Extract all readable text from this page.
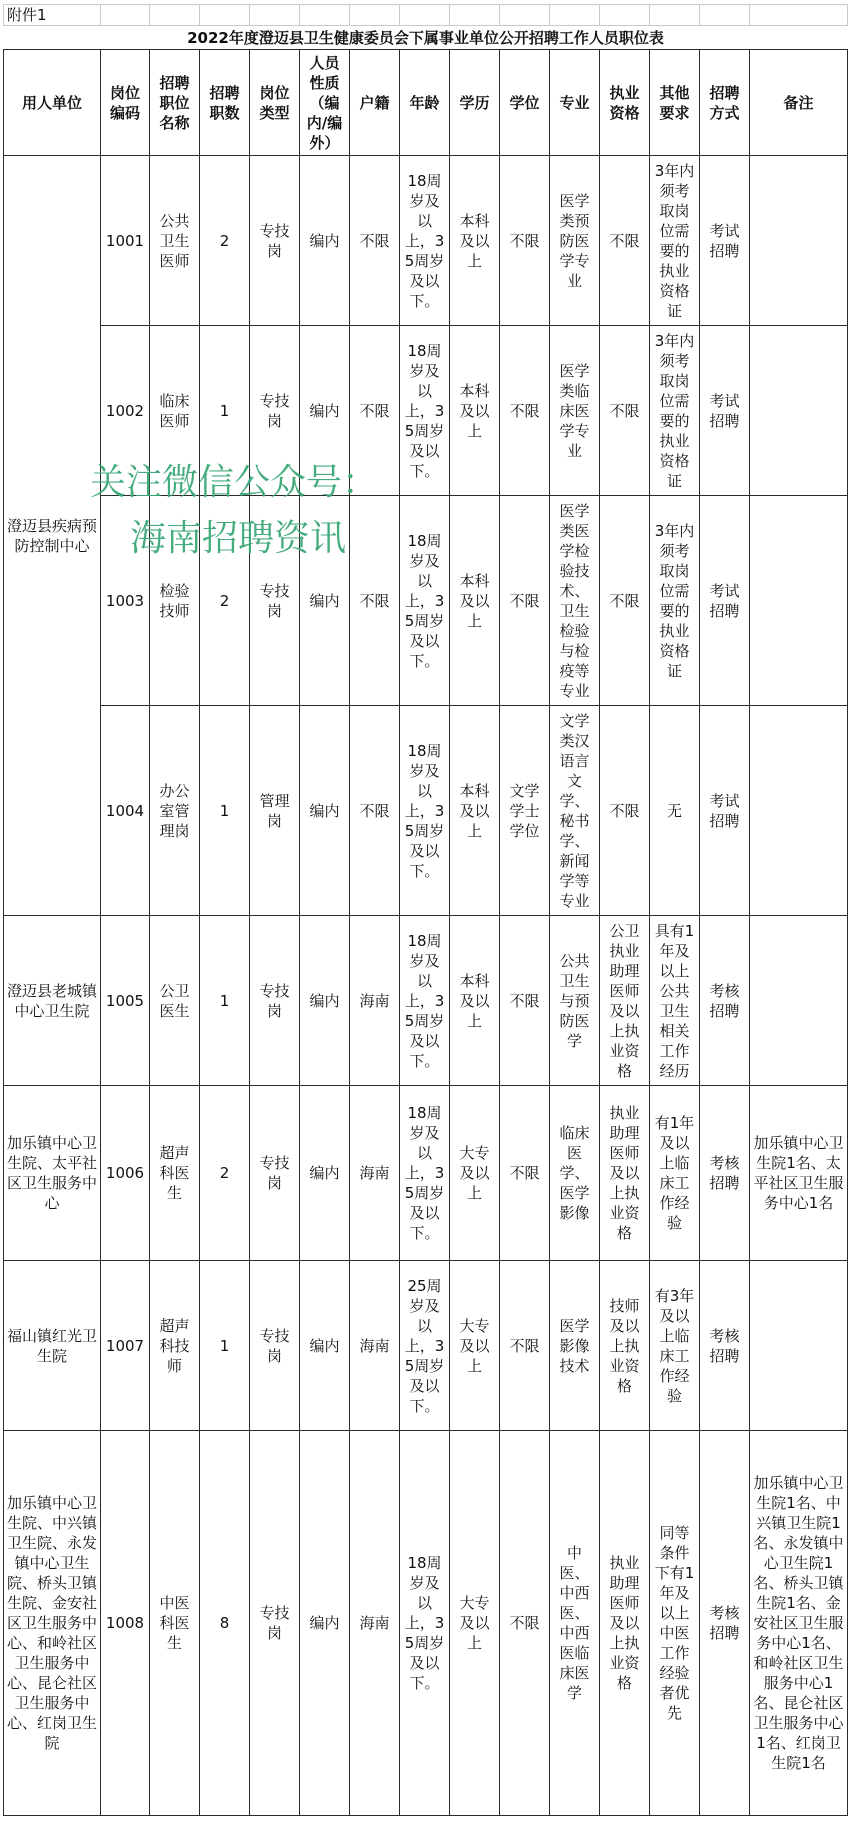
附件1														
2022年度澄迈县卫生健康委员会下属事业单位公开招聘工作人员职位表														
用人单位	岗位编码	招聘职位名称	招聘职数	岗位类型	人员性质（编内/编外）	户籍	年龄	学历	学位	专业	执业资格	其他要求	招聘方式	备注
澄迈县疾病预防控制中心	1001	公共卫生医师	2	专技岗	编内	不限	18周岁及以上，35周岁及以下。	本科及以上	不限	医学类预防医学专业	不限	3年内须考取岗位需要的执业资格证	考试招聘	
	1002	临床医师	1	专技岗	编内	不限	18周岁及以上，35周岁及以下。	本科及以上	不限	医学类临床医学专业	不限	3年内须考取岗位需要的执业资格证	考试招聘	
	1003	检验技师	2	专技岗	编内	不限	18周岁及以上，35周岁及以下。	本科及以上	不限	医学类医学检验技术、卫生检验与检疫等专业	不限	3年内须考取岗位需要的执业资格证	考试招聘	
	1004	办公室管理岗	1	管理岗	编内	不限	18周岁及以上，35周岁及以下。	本科及以上	文学学士学位	文学类汉语言文学、秘书学、新闻学等专业	不限	无	考试招聘	
澄迈县老城镇中心卫生院	1005	公卫医生	1	专技岗	编内	海南	18周岁及以上，35周岁及以下。	本科及以上	不限	公共卫生与预防医学	公卫执业助理医师及以上执业资格	具有1年及以上公共卫生相关工作经历	考核招聘	
加乐镇中心卫生院、太平社区卫生服务中心	1006	超声科医生	2	专技岗	编内	海南	18周岁及以上，35周岁及以下。	大专及以上	不限	临床医学、医学影像	执业助理医师及以上执业资格	有1年及以上临床工作经验	考核招聘	加乐镇中心卫生院1名、太平社区卫生服务中心1名
福山镇红光卫生院	1007	超声科技师	1	专技岗	编内	海南	25周岁及以上，35周岁及以下。	大专及以上	不限	医学影像技术	技师及以上执业资格	有3年及以上临床工作经验	考核招聘	
加乐镇中心卫生院、中兴镇卫生院、永发镇中心卫生院、桥头卫镇生院、金安社区卫生服务中心、和岭社区卫生服务中心、昆仑社区卫生服务中心、红岗卫生院	1008	中医科医生	8	专技岗	编内	海南	18周岁及以上，35周岁及以下。	大专及以上	不限	中医、中西医、中西医临床医学	执业助理医师及以上执业资格	同等条件下有1年及以上中医工作经验者优先	考核招聘	加乐镇中心卫生院1名、中兴镇卫生院1名、永发镇中心卫生院1名、桥头卫镇生院1名、金安社区卫生服务中心1名、和岭社区卫生服务中心1名、昆仑社区卫生服务中心1名、红岗卫生院1名
关注微信公众号：
海南招聘资讯
